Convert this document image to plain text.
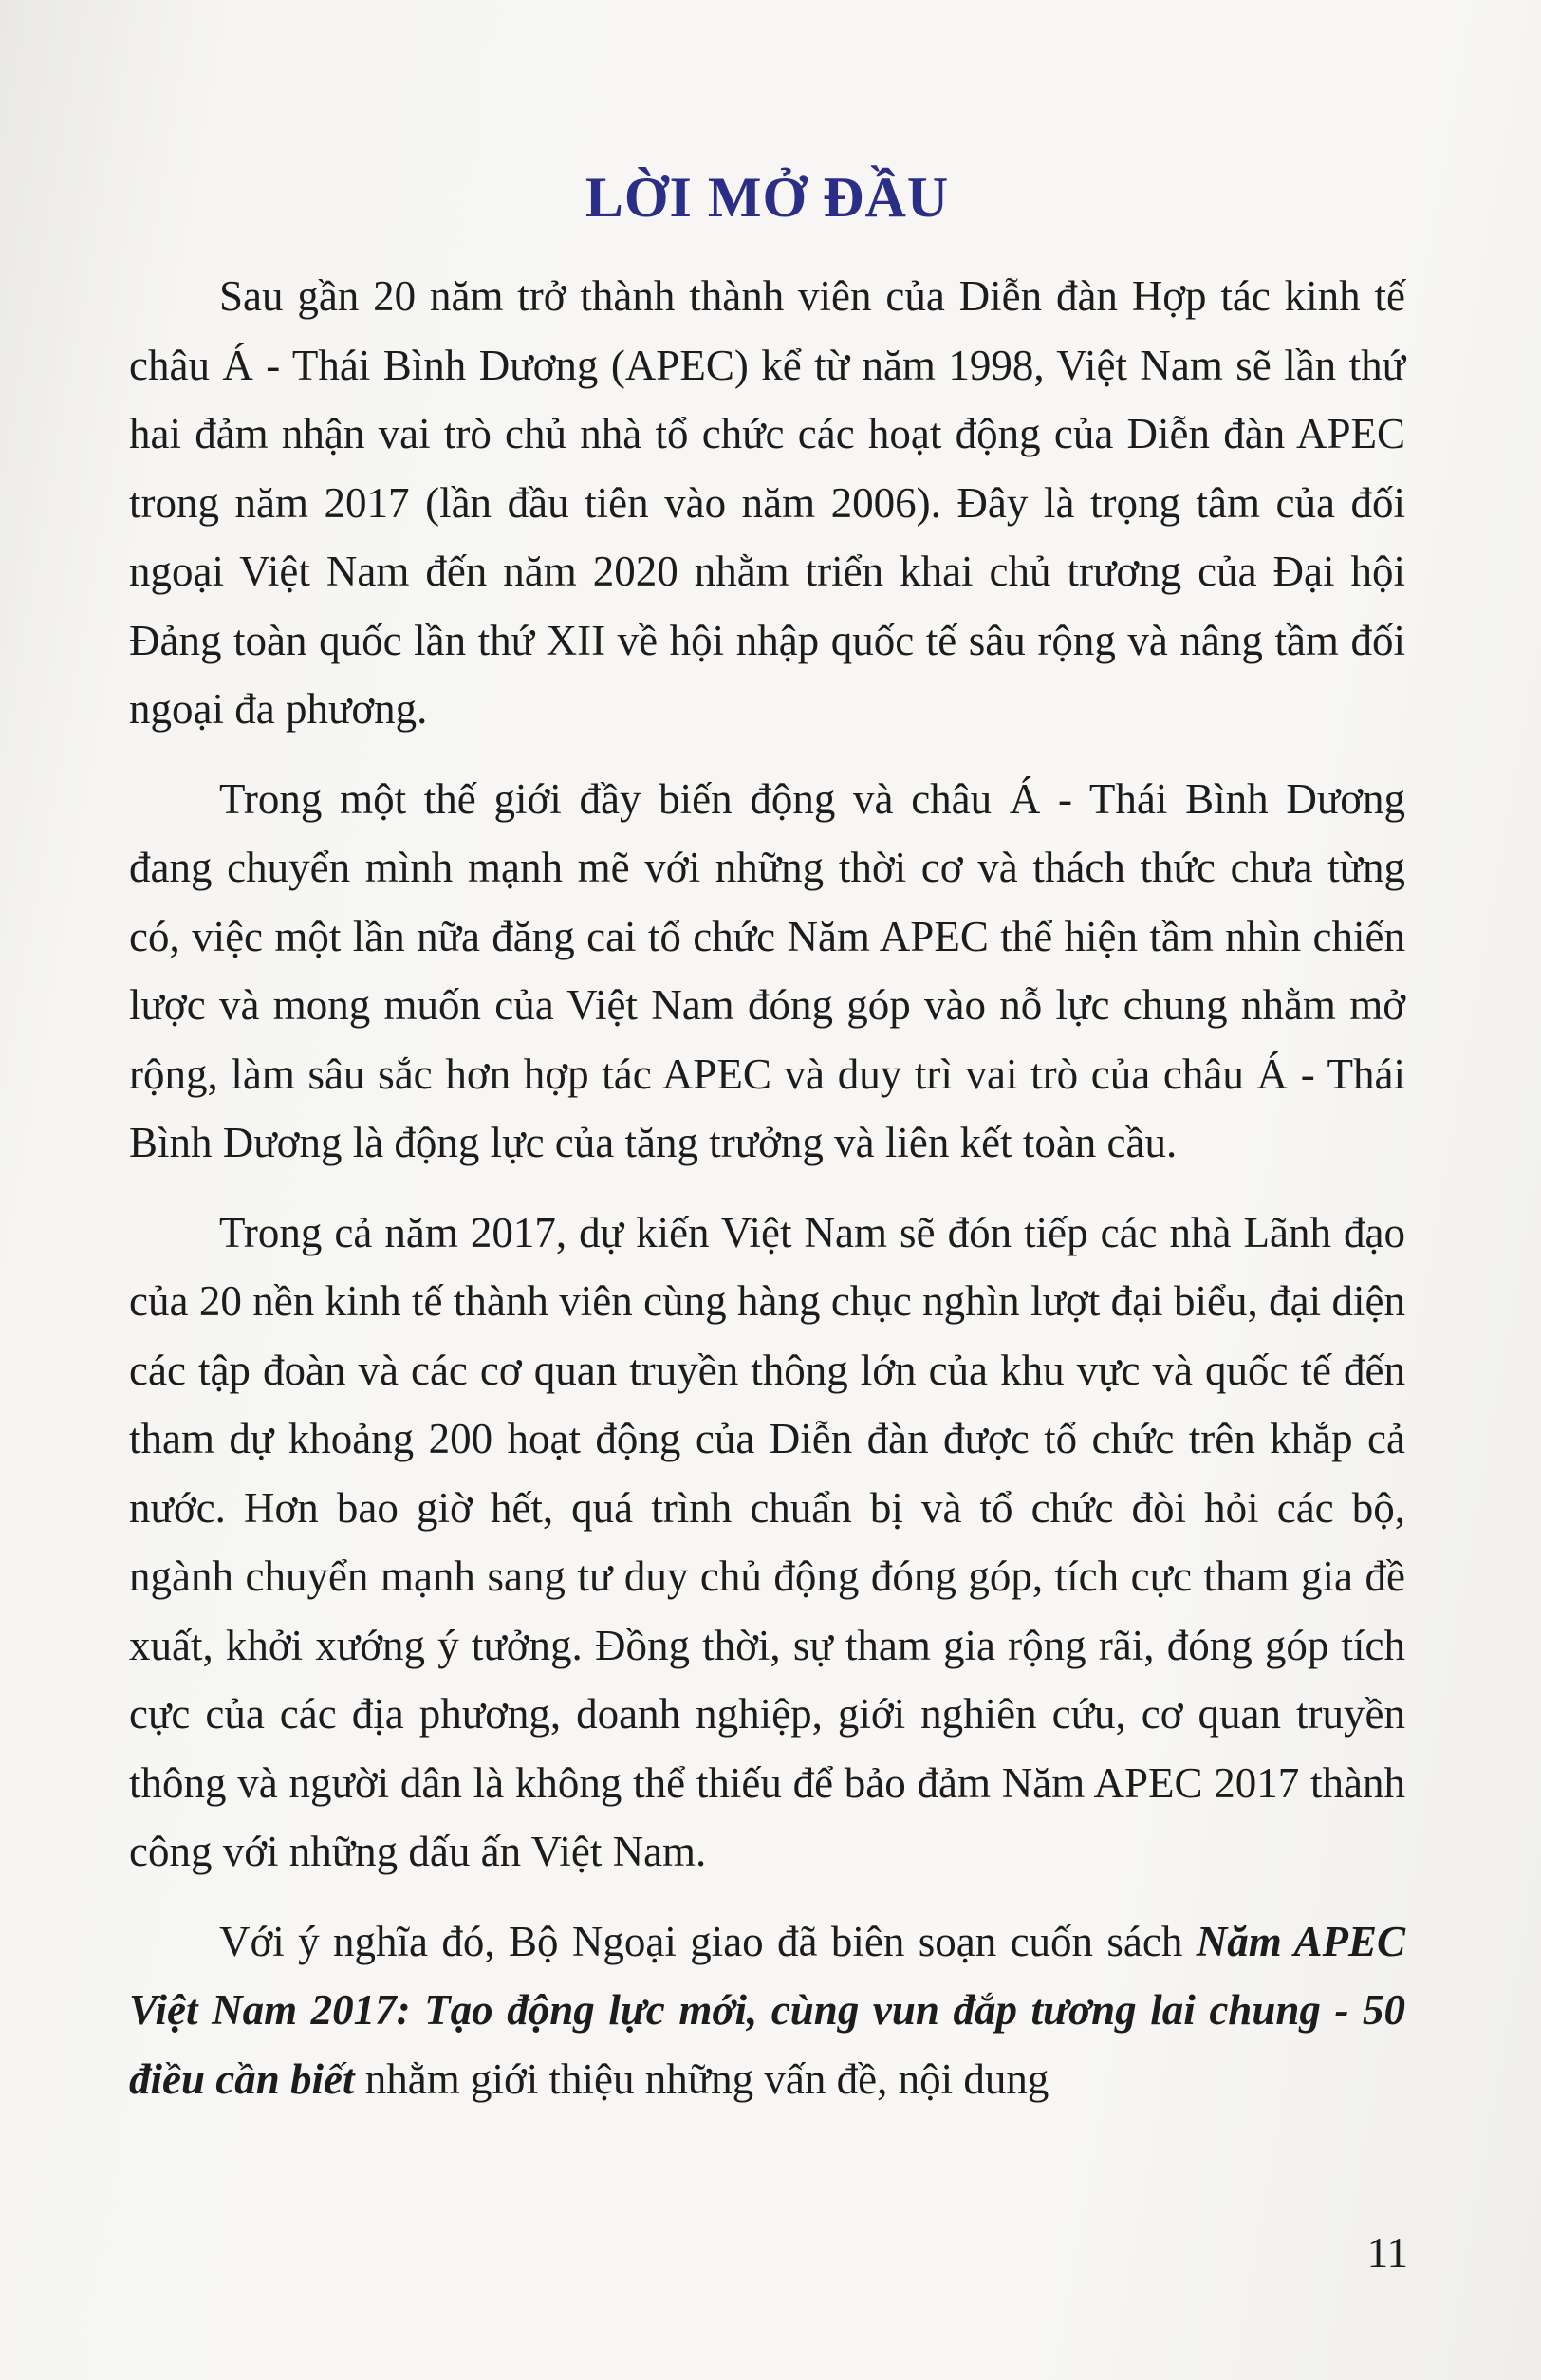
LỜI MỞ ĐẦU

Sau gần 20 năm trở thành thành viên của Diễn đàn Hợp tác kinh tế châu Á - Thái Bình Dương (APEC) kể từ năm 1998, Việt Nam sẽ lần thứ hai đảm nhận vai trò chủ nhà tổ chức các hoạt động của Diễn đàn APEC trong năm 2017 (lần đầu tiên vào năm 2006). Đây là trọng tâm của đối ngoại Việt Nam đến năm 2020 nhằm triển khai chủ trương của Đại hội Đảng toàn quốc lần thứ XII về hội nhập quốc tế sâu rộng và nâng tầm đối ngoại đa phương.

Trong một thế giới đầy biến động và châu Á - Thái Bình Dương đang chuyển mình mạnh mẽ với những thời cơ và thách thức chưa từng có, việc một lần nữa đăng cai tổ chức Năm APEC thể hiện tầm nhìn chiến lược và mong muốn của Việt Nam đóng góp vào nỗ lực chung nhằm mở rộng, làm sâu sắc hơn hợp tác APEC và duy trì vai trò của châu Á - Thái Bình Dương là động lực của tăng trưởng và liên kết toàn cầu.

Trong cả năm 2017, dự kiến Việt Nam sẽ đón tiếp các nhà Lãnh đạo của 20 nền kinh tế thành viên cùng hàng chục nghìn lượt đại biểu, đại diện các tập đoàn và các cơ quan truyền thông lớn của khu vực và quốc tế đến tham dự khoảng 200 hoạt động của Diễn đàn được tổ chức trên khắp cả nước. Hơn bao giờ hết, quá trình chuẩn bị và tổ chức đòi hỏi các bộ, ngành chuyển mạnh sang tư duy chủ động đóng góp, tích cực tham gia đề xuất, khởi xướng ý tưởng. Đồng thời, sự tham gia rộng rãi, đóng góp tích cực của các địa phương, doanh nghiệp, giới nghiên cứu, cơ quan truyền thông và người dân là không thể thiếu để bảo đảm Năm APEC 2017 thành công với những dấu ấn Việt Nam.

Với ý nghĩa đó, Bộ Ngoại giao đã biên soạn cuốn sách Năm APEC Việt Nam 2017: Tạo động lực mới, cùng vun đắp tương lai chung - 50 điều cần biết nhằm giới thiệu những vấn đề, nội dung

11
